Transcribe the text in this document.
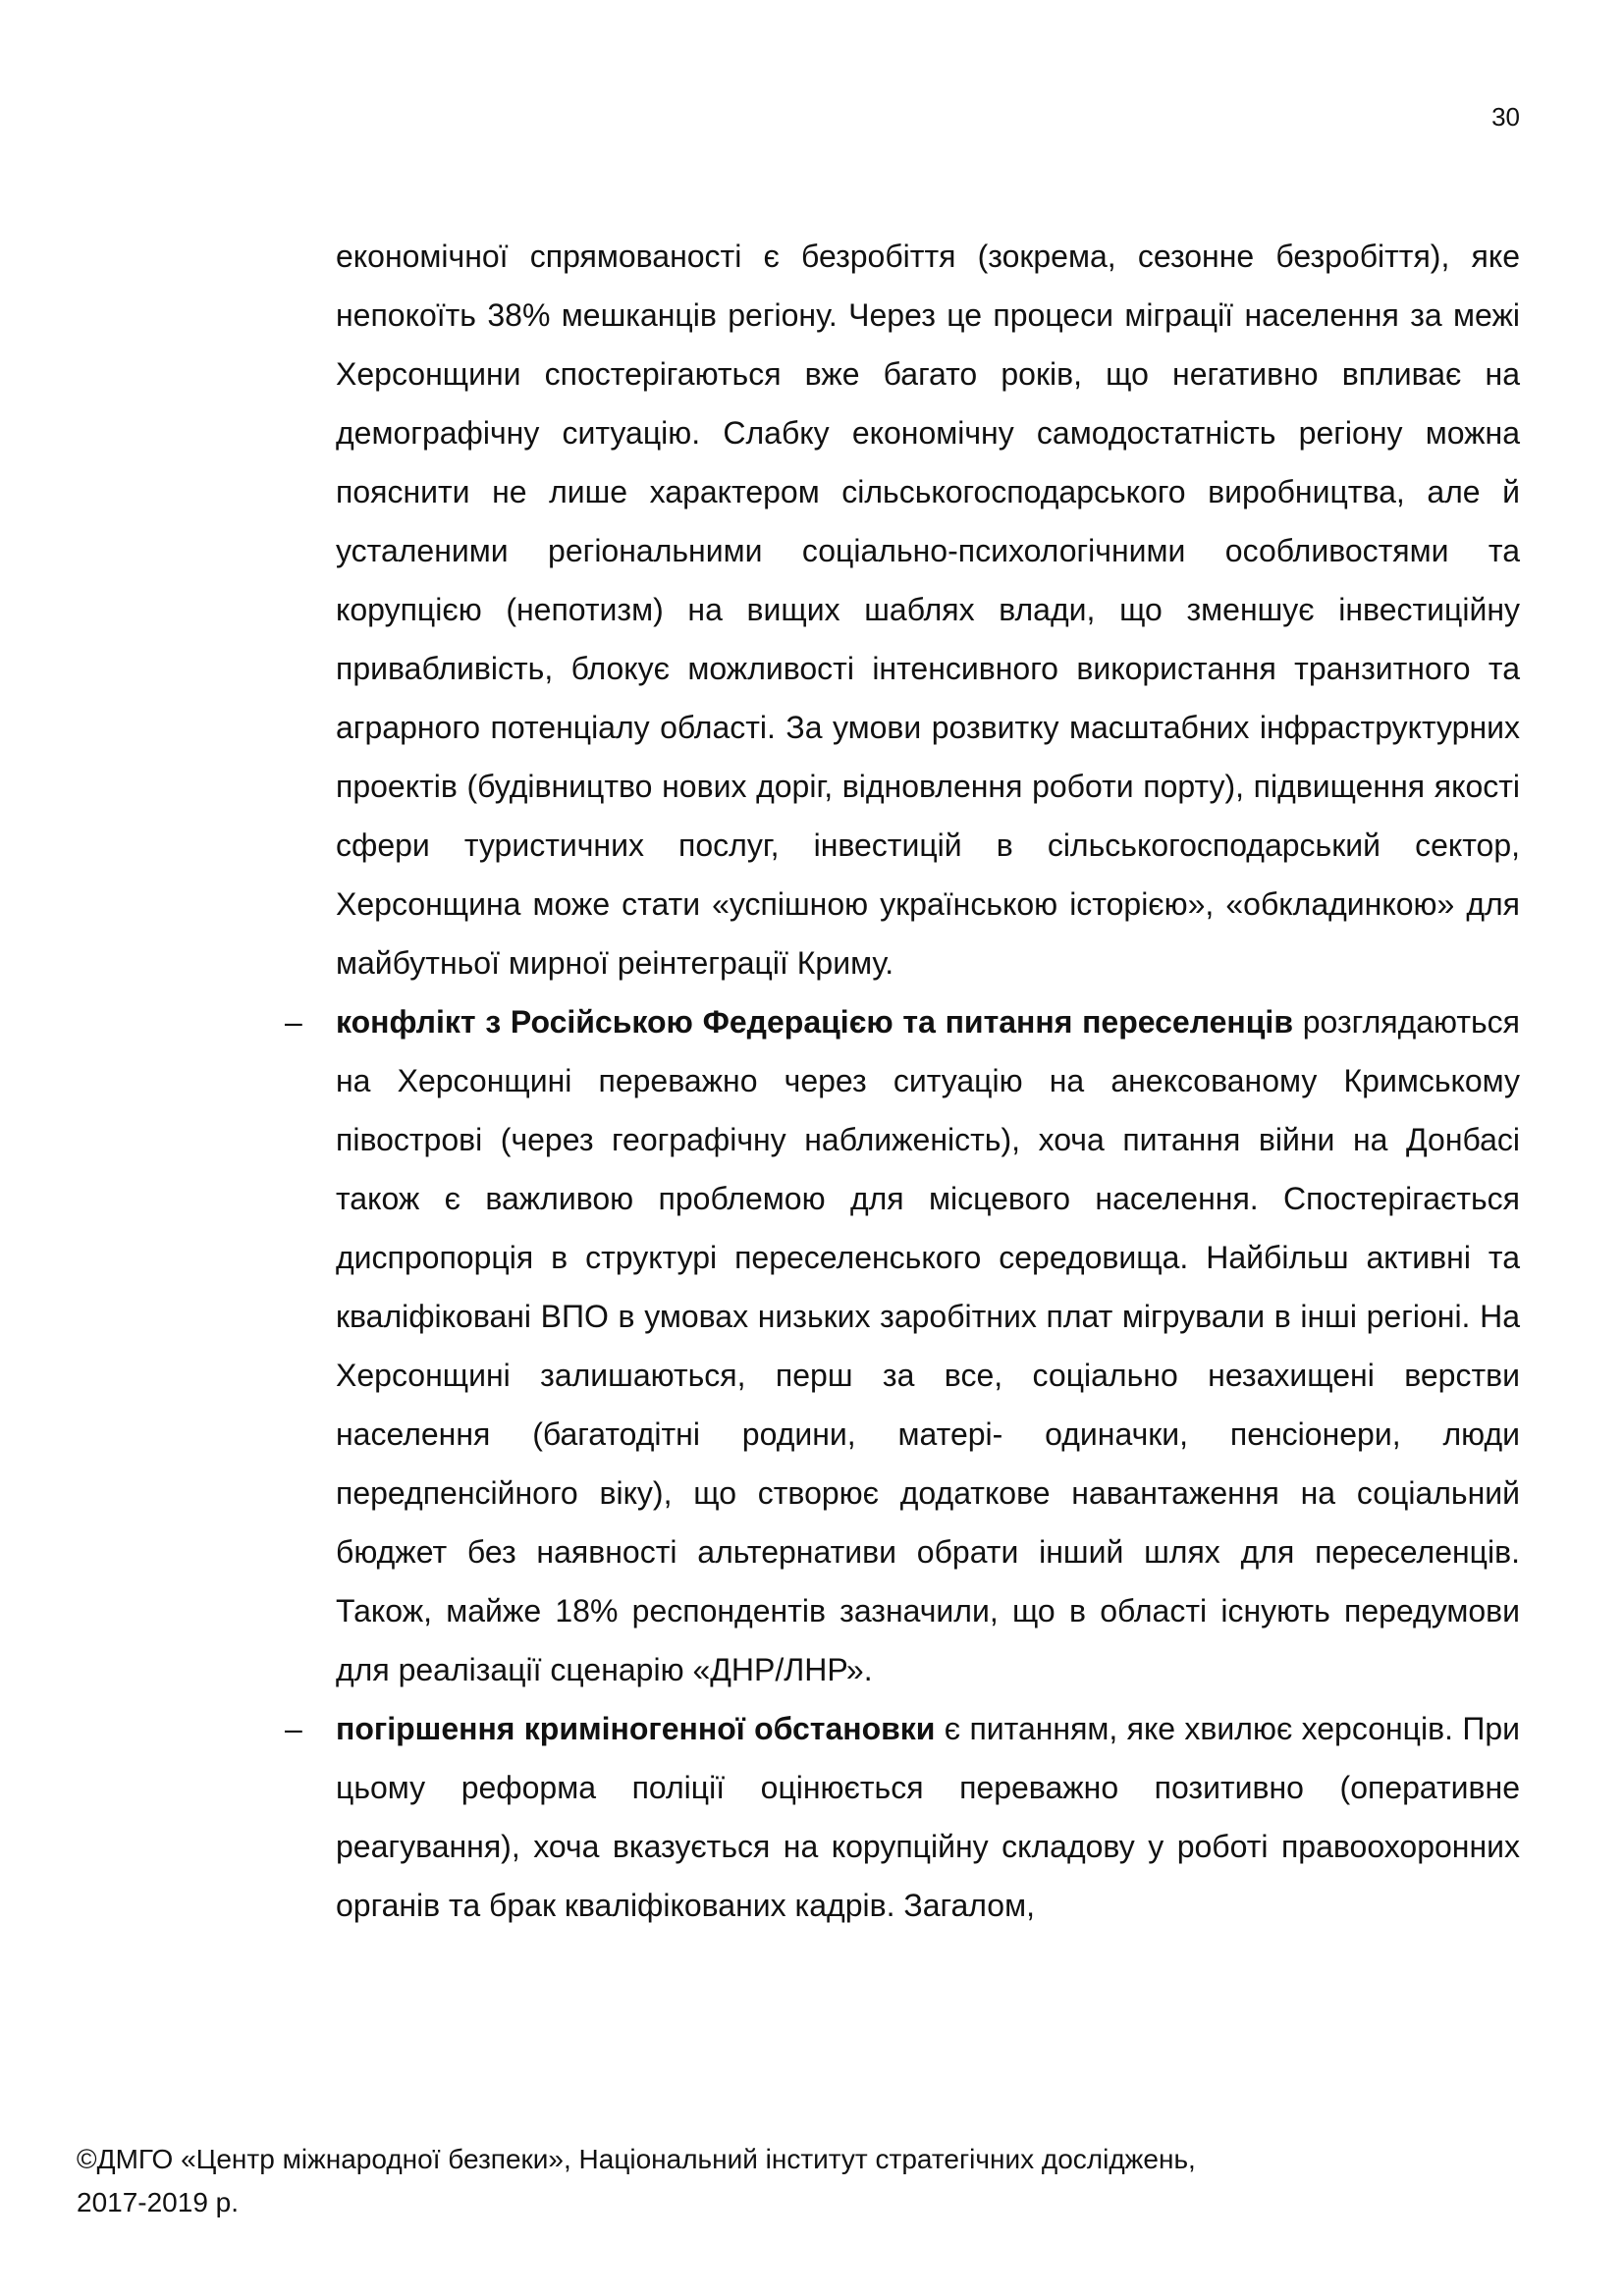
30

економічної спрямованості є безробіття (зокрема, сезонне безробіття), яке непокоїть 38% мешканців регіону. Через це процеси міграції населення за межі Херсонщини спостерігаються вже багато років, що негативно впливає на демографічну ситуацію. Слабку економічну самодостатність регіону можна пояснити не лише характером сільськогосподарського виробництва, але й усталеними регіональними соціально-психологічними особливостями та корупцією (непотизм) на вищих шаблях влади, що зменшує інвестиційну привабливість, блокує можливості інтенсивного використання транзитного та аграрного потенціалу області. За умови розвитку масштабних інфраструктурних проектів (будівництво нових доріг, відновлення роботи порту), підвищення якості сфери туристичних послуг, інвестицій в сільськогосподарський сектор, Херсонщина може стати «успішною українською історією», «обкладинкою» для майбутньої мирної реінтеграції Криму.

–	конфлікт з Російською Федерацією та питання переселенців розглядаються на Херсонщині переважно через ситуацію на анексованому Кримському півострові (через географічну наближеність), хоча питання війни на Донбасі також є важливою проблемою для місцевого населення. Спостерігається диспропорція в структурі переселенського середовища. Найбільш активні та кваліфіковані ВПО в умовах низьких заробітних плат мігрували в інші регіоні. На Херсонщині залишаються, перш за все, соціально незахищені верстви населення (багатодітні родини, матері- одиначки, пенсіонери, люди передпенсійного віку), що створює додаткове навантаження на соціальний бюджет без наявності альтернативи обрати інший шлях для переселенців. Також, майже 18% респондентів зазначили, що в області існують передумови для реалізації сценарію «ДНР/ЛНР».

–	погіршення криміногенної обстановки є питанням, яке хвилює херсонців. При цьому реформа поліції оцінюється переважно позитивно (оперативне реагування), хоча вказується на корупційну складову у роботі правоохоронних органів та брак кваліфікованих кадрів. Загалом,

©ДМГО «Центр міжнародної безпеки», Національний інститут стратегічних досліджень,
2017-2019 р.
